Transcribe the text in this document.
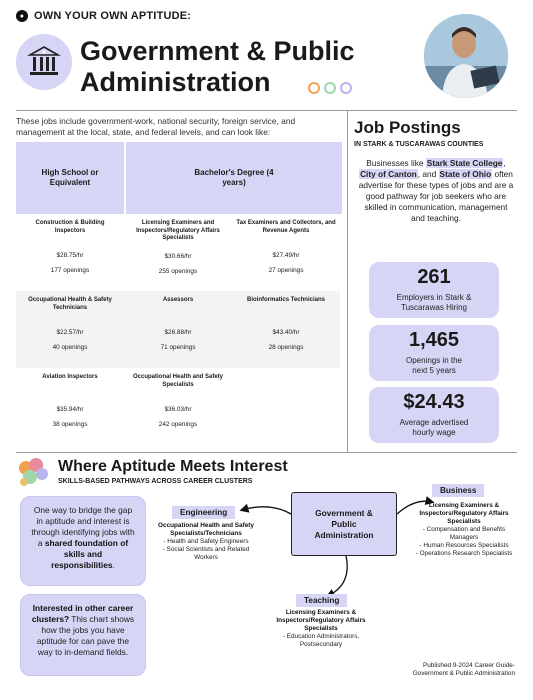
● OWN YOUR OWN APTITUDE:
Government & Public
Administration
These jobs include government-work, national security, foreign service, and management at the local, state, and federal levels, and can look like:
High School or Equivalent
Bachelor's Degree (4 years)
Construction & Building Inspectors
$28.75/hr
177 openings
Licensing Examiners and Inspectors/Regulatory Affairs Specialists
$30.66/hr
255 openings
Tax Examiners and Collectors, and Revenue Agents
$27.49/hr
27 openings
Occupational Health & Safety Technicians
$22.57/hr
40 openings
Assessors
$26.88/hr
71 openings
Bioinformatics Technicians
$43.40/hr
28 openings
Aviation Inspectors
$35.94/hr
38 openings
Occupational Health and Safety Specialists
$36.03/hr
242 openings
Job Postings
IN STARK & TUSCARAWAS COUNTIES
Businesses like Stark State College, City of Canton, and State of Ohio often advertise for these types of jobs and are a good pathway for job seekers who are skilled in communication, management and teaching.
261
Employers in Stark & Tuscarawas Hiring
1,465
Openings in the next 5 years
$24.43
Average advertised hourly wage
Where Aptitude Meets Interest
SKILLS-BASED PATHWAYS ACROSS CAREER CLUSTERS
One way to bridge the gap in aptitude and interest is through identifying jobs with a shared foundation of skills and responsibilities.
Interested in other career clusters? This chart shows how the jobs you have aptitude for can pave the way to in-demand fields.
Government & Public Administration
Engineering
Occupational Health and Safety Specialists/Technicians
- Health and Safety Engineers
- Social Scientists and Related Workers
Business
Licensing Examiners & Inspectors/Regulatory Affairs Specialists
- Compensation and Benefits Managers
- Human Resources Specialists
- Operations Research Specialists
Teaching
Licensing Examiners & Inspectors/Regulatory Affairs Specialists
- Education Administrators, Postsecondary
Published 9-2024 Career Guide-
Government & Public Administration
